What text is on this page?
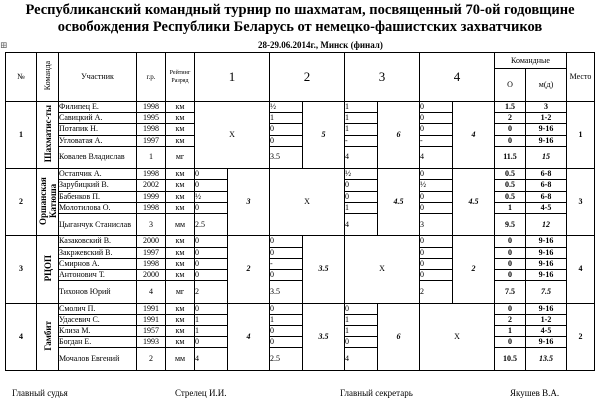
Республиканский командный турнир по шахматам, посвященный 70-ой годовщине
освобождения Республики Беларусь от немецко-фашистских захватчиков
⊞	28-29.06.2014г., Минск (финал)
№	Команда	Участник	г.р.	Рейтинг
Разряд	1		2		3		4		Командные		Место
													О	м(д)	
1	Шахматис-ты	Филипец Е.	1998	км	X		½	5	1	6	0	4	1.5	3	1
		Савицкий А.	1995	км			1		1		0		2	1-2	
		Потапик Н.	1998	км			0		1		0		0	9-16	
		Угловатая А.	1997	км			0		-		-		0	9-16	
		Ковалев Владислав	1	мг			3.5		4		4		11.5	15	
2	Оршанская Катюша	Остапчик А.	1998	км	0	3	X		½	4.5	0	4.5	0.5	6-8	3
		Зарубицкий В.	2002	км	0				0		½		0.5	6-8	
		Бабенков П.	1999	км	½				0		0		0.5	6-8	
		Молотилова О.	1998	км	0				1		0		1	4-5	
		Цыганчук Станислав	3	мм	2.5				4		3		9.5	12	
3	РЦОП	Казаковский В.	2000	км	0	2	0	3.5	X		0	2	0	9-16	4
		Закржевский В.	1997	км	0		0				0		0	9-16	
		Смирнов А.	1998	км	0		-				0		0	9-16	
		Антонович Т.	2000	км	0		0				0		0	9-16	
		Тихонов Юрий	4	мг	2		3.5				2		7.5	7.5	
4	Гамбит	Смолич П.	1991	км	0	4	0	3.5	0	6	X		0	9-16	2
		Удасевич С.	1991	км	1		1		1				2	1-2	
		Клиза М.	1957	км	1		0		1				1	4-5	
		Богдан Е.	1993	км	0		0		0				0	9-16	
		Мочалов Евгений	2	мм	4		2.5		4				10.5	13.5	
Главный судья	Стрелец И.И.	Главный секретарь	Якушев В.А.
